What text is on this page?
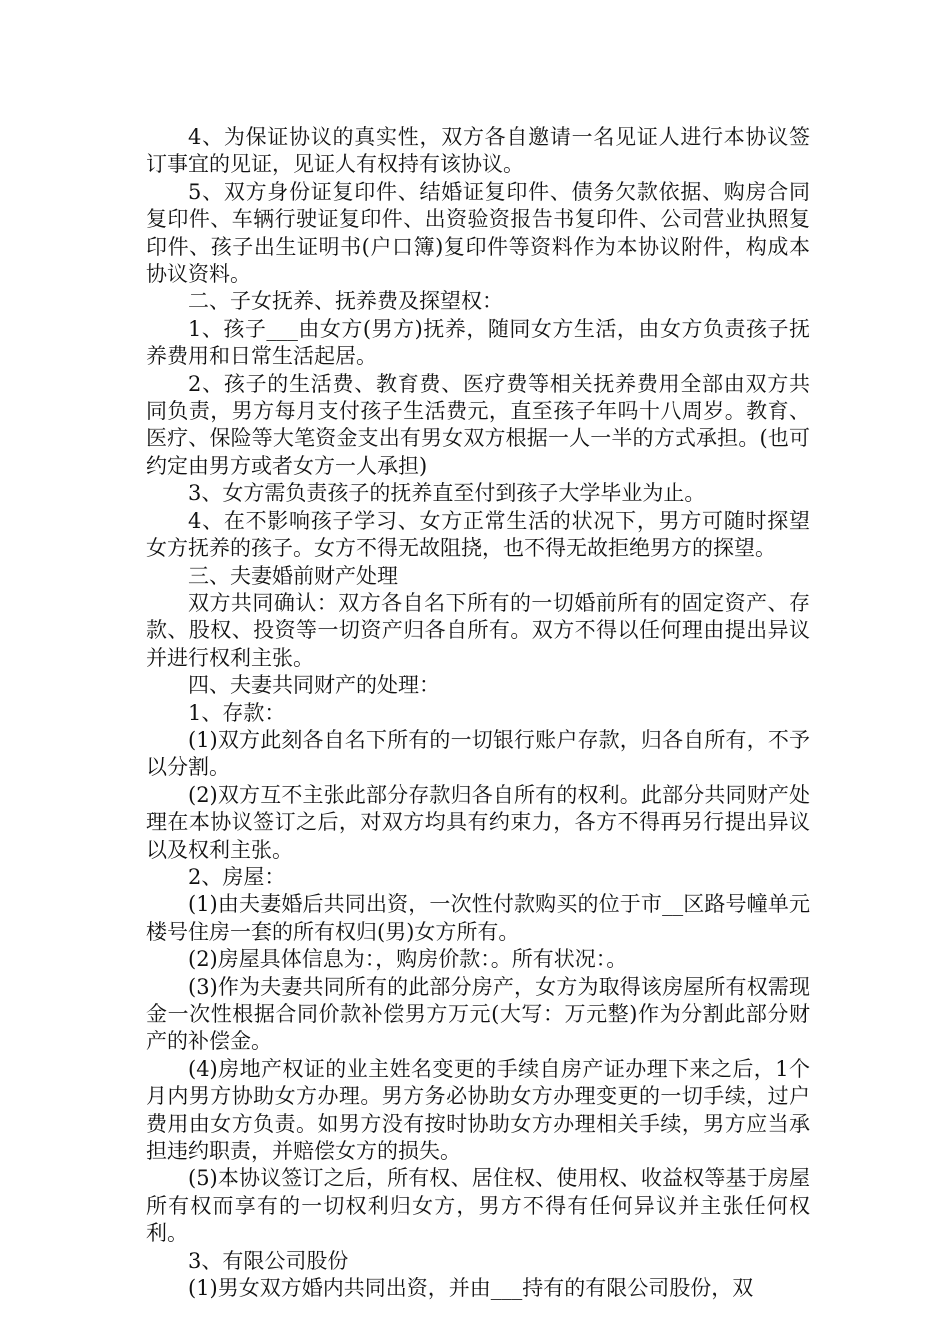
4、为保证协议的真实性，双方各自邀请一名见证人进行本协议签订事宜的见证，见证人有权持有该协议。

5、双方身份证复印件、结婚证复印件、债务欠款依据、购房合同复印件、车辆行驶证复印件、出资验资报告书复印件、公司营业执照复印件、孩子出生证明书(户口簿)复印件等资料作为本协议附件，构成本协议资料。

二、子女抚养、抚养费及探望权：

1、孩子___由女方(男方)抚养，随同女方生活，由女方负责孩子抚养费用和日常生活起居。

2、孩子的生活费、教育费、医疗费等相关抚养费用全部由双方共同负责，男方每月支付孩子生活费元，直至孩子年吗十八周岁。教育、医疗、保险等大笔资金支出有男女双方根据一人一半的方式承担。(也可约定由男方或者女方一人承担)

3、女方需负责孩子的抚养直至付到孩子大学毕业为止。

4、在不影响孩子学习、女方正常生活的状况下，男方可随时探望女方抚养的孩子。女方不得无故阻挠，也不得无故拒绝男方的探望。

三、夫妻婚前财产处理

双方共同确认：双方各自名下所有的一切婚前所有的固定资产、存款、股权、投资等一切资产归各自所有。双方不得以任何理由提出异议并进行权利主张。

四、夫妻共同财产的处理：

1、存款：

(1)双方此刻各自名下所有的一切银行账户存款，归各自所有，不予以分割。

(2)双方互不主张此部分存款归各自所有的权利。此部分共同财产处理在本协议签订之后，对双方均具有约束力，各方不得再另行提出异议以及权利主张。

2、房屋：

(1)由夫妻婚后共同出资，一次性付款购买的位于市__区路号幢单元楼号住房一套的所有权归(男)女方所有。

(2)房屋具体信息为：，购房价款：。所有状况：。

(3)作为夫妻共同所有的此部分房产，女方为取得该房屋所有权需现金一次性根据合同价款补偿男方万元(大写：万元整)作为分割此部分财产的补偿金。

(4)房地产权证的业主姓名变更的手续自房产证办理下来之后，1个月内男方协助女方办理。男方务必协助女方办理变更的一切手续，过户费用由女方负责。如男方没有按时协助女方办理相关手续，男方应当承担违约职责，并赔偿女方的损失。

(5)本协议签订之后，所有权、居住权、使用权、收益权等基于房屋所有权而享有的一切权利归女方，男方不得有任何异议并主张任何权利。

3、有限公司股份

(1)男女双方婚内共同出资，并由___持有的有限公司股份，双
